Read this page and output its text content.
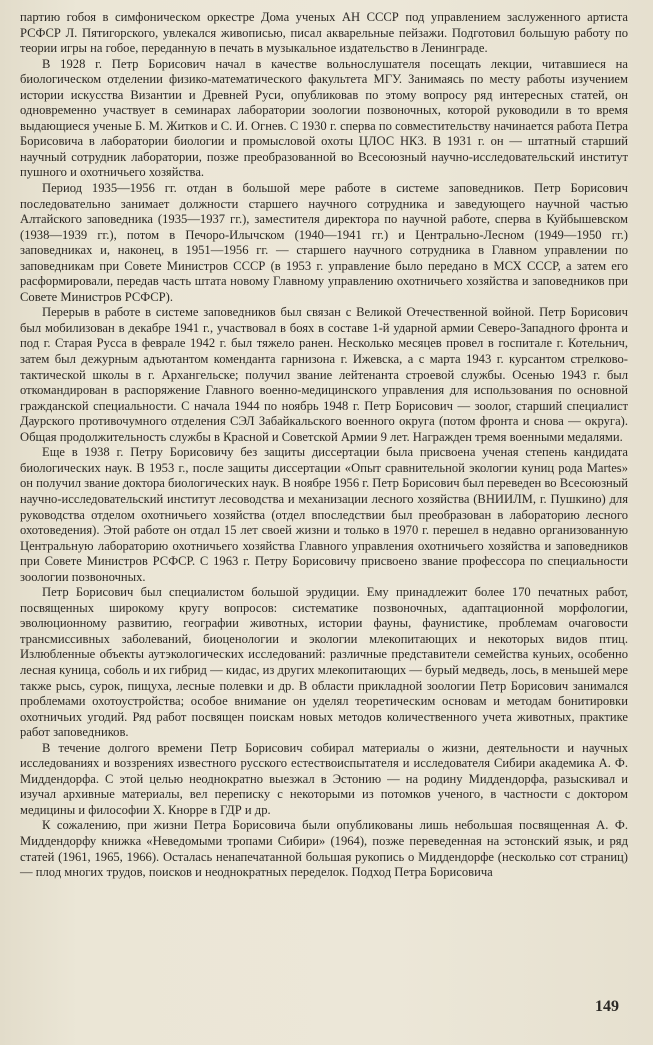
партию гобоя в симфоническом оркестре Дома ученых АН СССР под управлением заслуженного артиста РСФСР Л. Пятигорского, увлекался живописью, писал акварельные пейзажи. Подготовил большую работу по теории игры на гобое, переданную в печать в музыкальное издательство в Ленинграде.

В 1928 г. Петр Борисович начал в качестве вольнослушателя посещать лекции, читавшиеся на биологическом отделении физико-математического факультета МГУ. Занимаясь по месту работы изучением истории искусства Византии и Древней Руси, опубликовав по этому вопросу ряд интересных статей, он одновременно участвует в семинарах лаборатории зоологии позвоночных, которой руководили в то время выдающиеся ученые Б. М. Житков и С. И. Огнев. С 1930 г. сперва по совместительству начинается работа Петра Борисовича в лаборатории биологии и промысловой охоты ЦЛОС НКЗ. В 1931 г. он — штатный старший научный сотрудник лаборатории, позже преобразованной во Всесоюзный научно-исследовательский институт пушного и охотничьего хозяйства.

Период 1935—1956 гг. отдан в большой мере работе в системе заповедников. Петр Борисович последовательно занимает должности старшего научного сотрудника и заведующего научной частью Алтайского заповедника (1935—1937 гг.), заместителя директора по научной работе, сперва в Куйбышевском (1938—1939 гг.), потом в Печоро-Илычском (1940—1941 гг.) и Центрально-Лесном (1949—1950 гг.) заповедниках и, наконец, в 1951—1956 гг. — старшего научного сотрудника в Главном управлении по заповедникам при Совете Министров СССР (в 1953 г. управление было передано в МСХ СССР, а затем его расформировали, передав часть штата новому Главному управлению охотничьего хозяйства и заповедников при Совете Министров РСФСР).

Перерыв в работе в системе заповедников был связан с Великой Отечественной войной. Петр Борисович был мобилизован в декабре 1941 г., участвовал в боях в составе 1-й ударной армии Северо-Западного фронта и под г. Старая Русса в феврале 1942 г. был тяжело ранен. Несколько месяцев провел в госпитале г. Котельнич, затем был дежурным адъютантом коменданта гарнизона г. Ижевска, а с марта 1943 г. курсантом стрелково-тактической школы в г. Архангельске; получил звание лейтенанта строевой службы. Осенью 1943 г. был откомандирован в распоряжение Главного военно-медицинского управления для использования по основной гражданской специальности. С начала 1944 по ноябрь 1948 г. Петр Борисович — зоолог, старший специалист Даурского противочумного отделения СЭЛ Забайкальского военного округа (потом фронта и снова — округа). Общая продолжительность службы в Красной и Советской Армии 9 лет. Награжден тремя военными медалями.

Еще в 1938 г. Петру Борисовичу без защиты диссертации была присвоена ученая степень кандидата биологических наук. В 1953 г., после защиты диссертации «Опыт сравнительной экологии куниц рода Martes» он получил звание доктора биологических наук. В ноябре 1956 г. Петр Борисович был переведен во Всесоюзный научно-исследовательский институт лесоводства и механизации лесного хозяйства (ВНИИЛМ, г. Пушкино) для руководства отделом охотничьего хозяйства (отдел впоследствии был преобразован в лабораторию лесного охотоведения). Этой работе он отдал 15 лет своей жизни и только в 1970 г. перешел в недавно организованную Центральную лабораторию охотничьего хозяйства Главного управления охотничьего хозяйства и заповедников при Совете Министров РСФСР. С 1963 г. Петру Борисовичу присвоено звание профессора по специальности зоологии позвоночных.

Петр Борисович был специалистом большой эрудиции. Ему принадлежит более 170 печатных работ, посвященных широкому кругу вопросов: систематике позвоночных, адаптационной морфологии, эволюционному развитию, географии животных, истории фауны, фаунистике, проблемам очаговости трансмиссивных заболеваний, биоценологии и экологии млекопитающих и некоторых видов птиц. Излюбленные объекты аутэкологических исследований: различные представители семейства куньих, особенно лесная куница, соболь и их гибрид — кидас, из других млекопитающих — бурый медведь, лось, в меньшей мере также рысь, сурок, пищуха, лесные полевки и др. В области прикладной зоологии Петр Борисович занимался проблемами охотоустройства; особое внимание он уделял теоретическим основам и методам бонитировки охотничьих угодий. Ряд работ посвящен поискам новых методов количественного учета животных, практике работ заповедников.

В течение долгого времени Петр Борисович собирал материалы о жизни, деятельности и научных исследованиях и воззрениях известного русского естествоиспытателя и исследователя Сибири академика А. Ф. Миддендорфа. С этой целью неоднократно выезжал в Эстонию — на родину Миддендорфа, разыскивал и изучал архивные материалы, вел переписку с некоторыми из потомков ученого, в частности с доктором медицины и философии Х. Кнорре в ГДР и др.

К сожалению, при жизни Петра Борисовича были опубликованы лишь небольшая посвященная А. Ф. Миддендорфу книжка «Неведомыми тропами Сибири» (1964), позже переведенная на эстонский язык, и ряд статей (1961, 1965, 1966). Осталась ненапечатанной большая рукопись о Миддендорфе (несколько сот страниц) — плод многих трудов, поисков и неоднократных переделок. Подход Петра Борисовича

149
